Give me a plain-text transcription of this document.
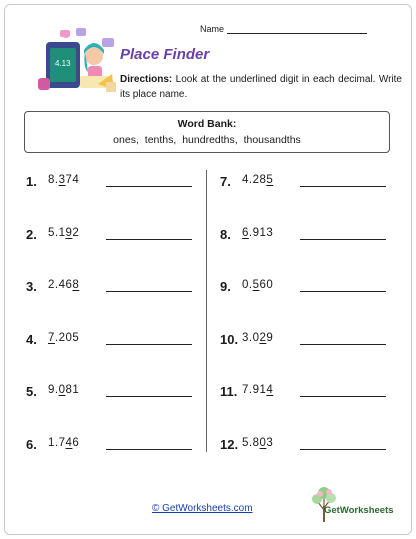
Name
4.13
Place Finder
Directions: Look at the underlined digit in each decimal. Write its place name.
Word Bank:
ones, tenths, hundredths, thousandths
1. 8.374
2. 5.192
3. 2.468
4. 7.205
5. 9.081
6. 1.746
7. 4.285
8. 6.913
9. 0.560
10. 3.029
11. 7.914
12. 5.803
© GetWorksheets.com	GetWorksheets
